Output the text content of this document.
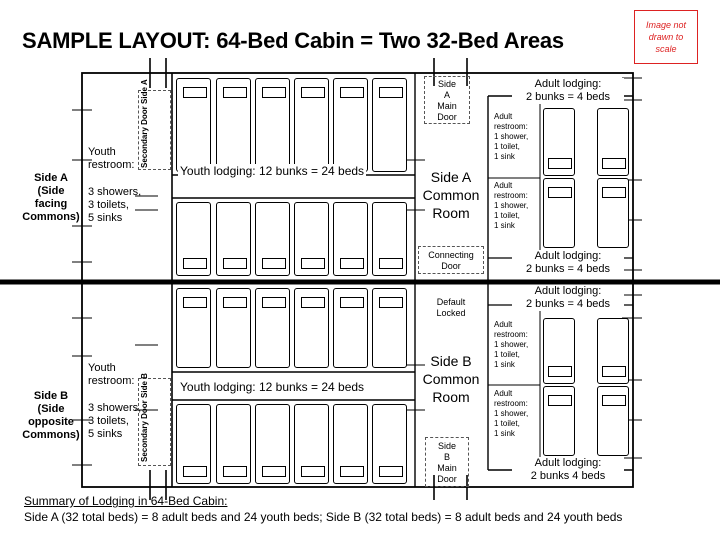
SAMPLE LAYOUT: 64-Bed Cabin = Two 32-Bed Areas
Image not drawn to scale
Secondary Door Side A
Secondary Door Side B
Side A
(Side
facing
Commons)
Side B
(Side
opposite
Commons)
Youth
restroom:
3 showers,
3 toilets,
5 sinks
Youth
restroom:
3 showers,
3 toilets,
5 sinks
Youth lodging: 12 bunks = 24 beds
Youth lodging: 12 bunks = 24 beds
Side
A
Main
Door
Side
B
Main
Door
Side A
Common
Room
Side B
Common
Room
Connecting
Door
Default
Locked
Adult lodging:
2 bunks = 4 beds
Adult lodging:
2 bunks = 4 beds
Adult lodging:
2 bunks = 4 beds
Adult lodging:
2 bunks 4 beds
Adult
restroom:
1 shower,
1 toilet,
1 sink
Adult
restroom:
1 shower,
1 toilet,
1 sink
Adult
restroom:
1 shower,
1 toilet,
1 sink
Adult
restroom:
1 shower,
1 toilet,
1 sink
Summary of Lodging in 64-Bed Cabin:
Side A (32 total beds) = 8 adult beds and 24 youth beds; Side B (32 total beds) = 8 adult beds and 24 youth beds
